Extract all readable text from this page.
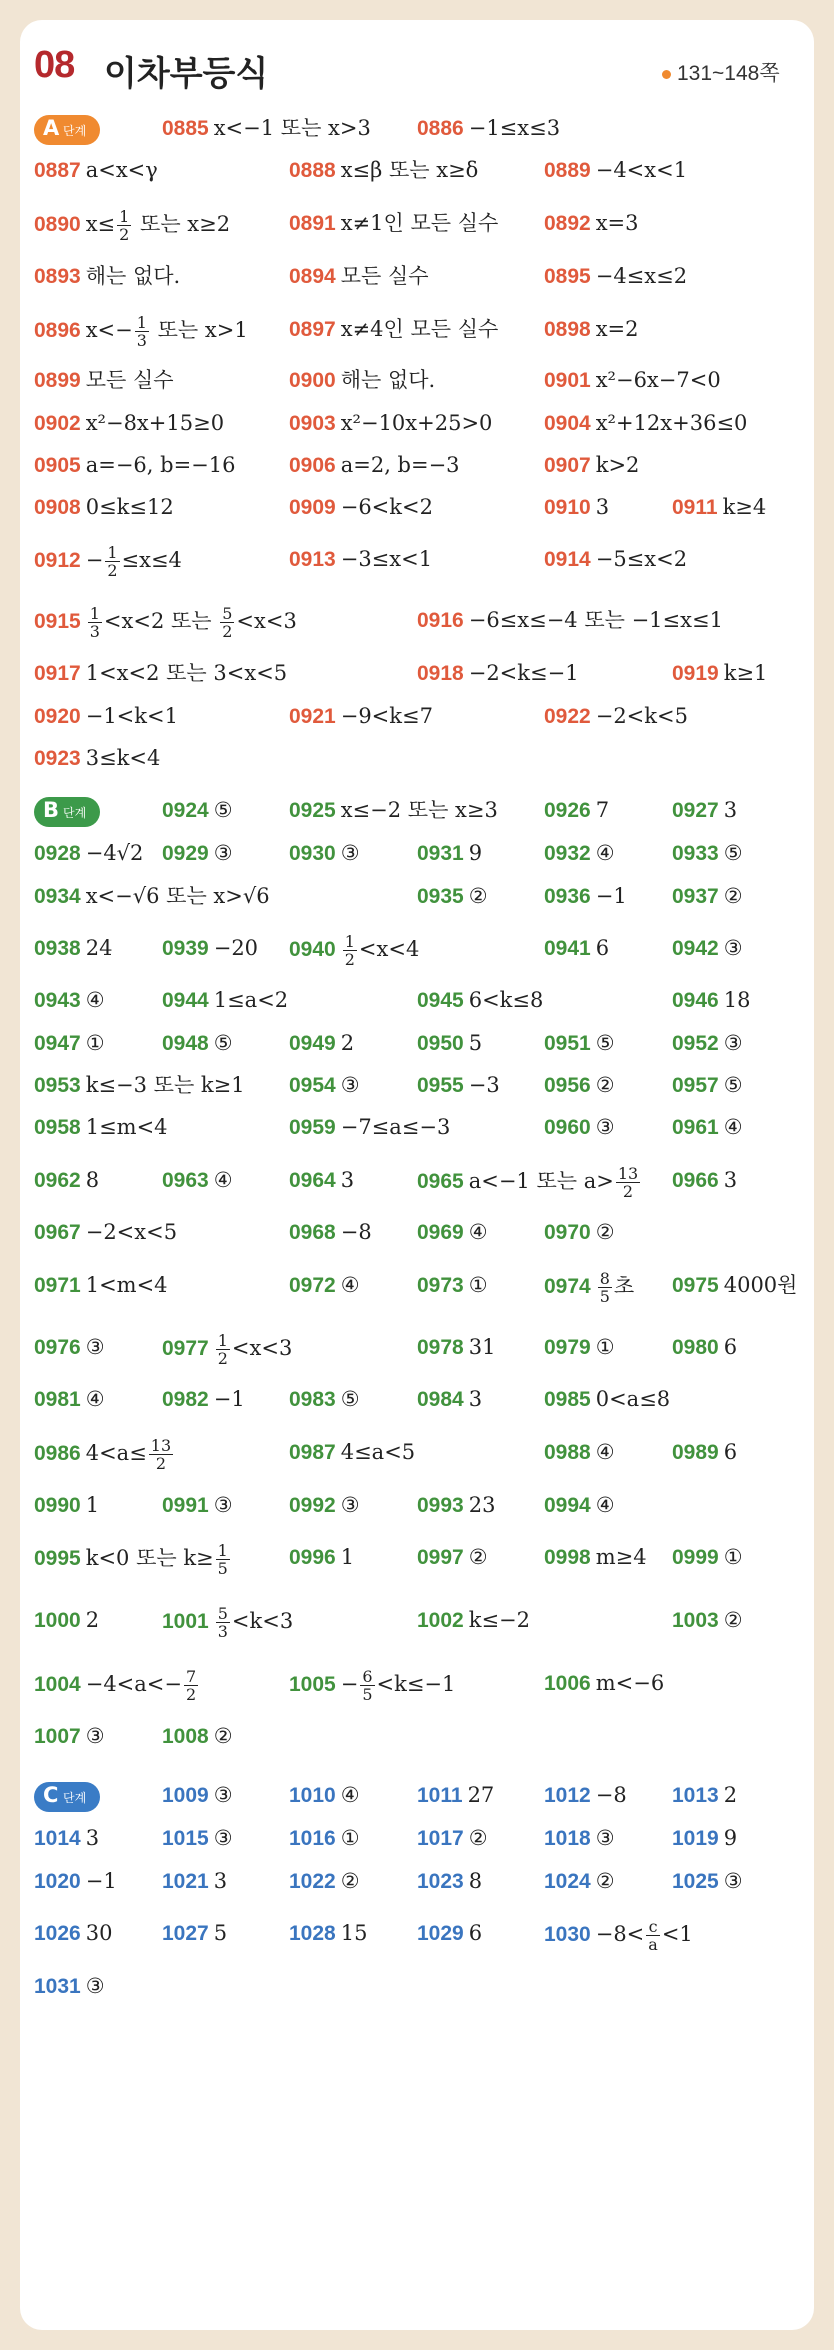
08 이차부등식	131~148쪽
A 단계
B 단계
C 단계
0885 x<−1 또는 x>3 0886 −1≤x≤3
0887 a<x<γ	0888 x≤β 또는 x≥δ	0889 −4<x<1
0890 $x\le \frac{1}{2}$ 또는 x≥2	0891 x≠1인 모든 실수 0892 x=3
0893 해는 없다.	0894 모든 실수	0895 −4≤x≤2
0896 $x<- \frac{1}{3}$ 또는 x>1 0897 x≠4인 모든 실수 0898 x=2
0899 모든 실수	0900 해는 없다.	0901 x²−6x−7<0
0902 x²−8x+15≥0	0903 x²−10x+25>0 0904 x²+12x+36≤0
0905 a=−6, b=−16	0906 a=2, b=−3	0907 k>2
0908 0≤k≤12	0909 −6<k<2	0910 3	0911 k≥4
$0912 - \frac{1}{2} \le x\le 4$	0913 −3≤x<1	0914 −5≤x<2
$0915 \frac{1}{3} <x<2$ 또는 $\frac{5}{2} <x<3$	0916 −6≤x≤−4 또는 −1≤x≤1
0917 1<x<2 또는 3<x<5	0918 −2<k≤−1	0919 k≥1
0920 −1<k<1	0921 −9<k≤7	0922 −2<k<5
0923 3≤k<4
0924 ⑤	0925 x≤−2 또는 x≥3 0926 7	0927 3
0928 −4√2 0929 ③	0930 ③	0931 9	0932 ④	0933 ⑤
0934 x<−√6 또는 x>√6	0935 ②	0936 −1 0937 ②
0938 24 0939 −20 $0940 \frac{1}{2} <x<4$	0941 6	0942 ③
0943 ④	0944 1≤a<2	0945 6<k≤8	0946 18
0947 ①	0948 ⑤	0949 2	0950 5	0951 ⑤	0952 ③
0953 k≤−3 또는 k≥1 0954 ③	0955 −3 0956 ②	0957 ⑤
0958 1≤m<4	0959 −7≤a≤−3	0960 ③	0961 ④
0962 8	0963 ④	0964 3	0965 a<−1 또는 $a> \frac{13}{2} 0966$ 3
0967 −2<x<5	0968 −8 0969 ④	0970 ②
0971 1<m<4	0972 ④	0973 ①	$0974 \frac{8}{5}$ 초 0975 4000원
0976 ③	$0977 \frac{1}{2} <x<3$	0978 31 0979 ①	0980 6
0981 ④	0982 −1 0983 ⑤	0984 3	0985 0<a≤8
0986 $4<a\le \frac{13}{2}$	0987 4≤a<5	0988 ④	0989 6
0990 1	0991 ③	0992 ③	0993 23 0994 ④
0995 k<0 또는 $k\ge \frac{1}{5}$	0996 1	0997 ②	0998 m≥4 0999 ①
1000 2	$1001 \frac{5}{3} <k<3$	1002 k≤−2	1003 ②
$1004 -4<a<- \frac{7}{2}$	$1005 - \frac{6}{5} <k\le-1$	1006 m<−6
1007 ③	1008 ②
1009 ③	1010 ④	1011 27 1012 −8 1013 2
1014 3	1015 ③	1016 ①	1017 ②	1018 ③	1019 9
1020 −1 1021 3	1022 ②	1023 8	1024 ②	1025 ③
1026 30 1027 5	1028 15 1029 6	$1030 -8< \frac{c}{a} <1$
1031 ③
